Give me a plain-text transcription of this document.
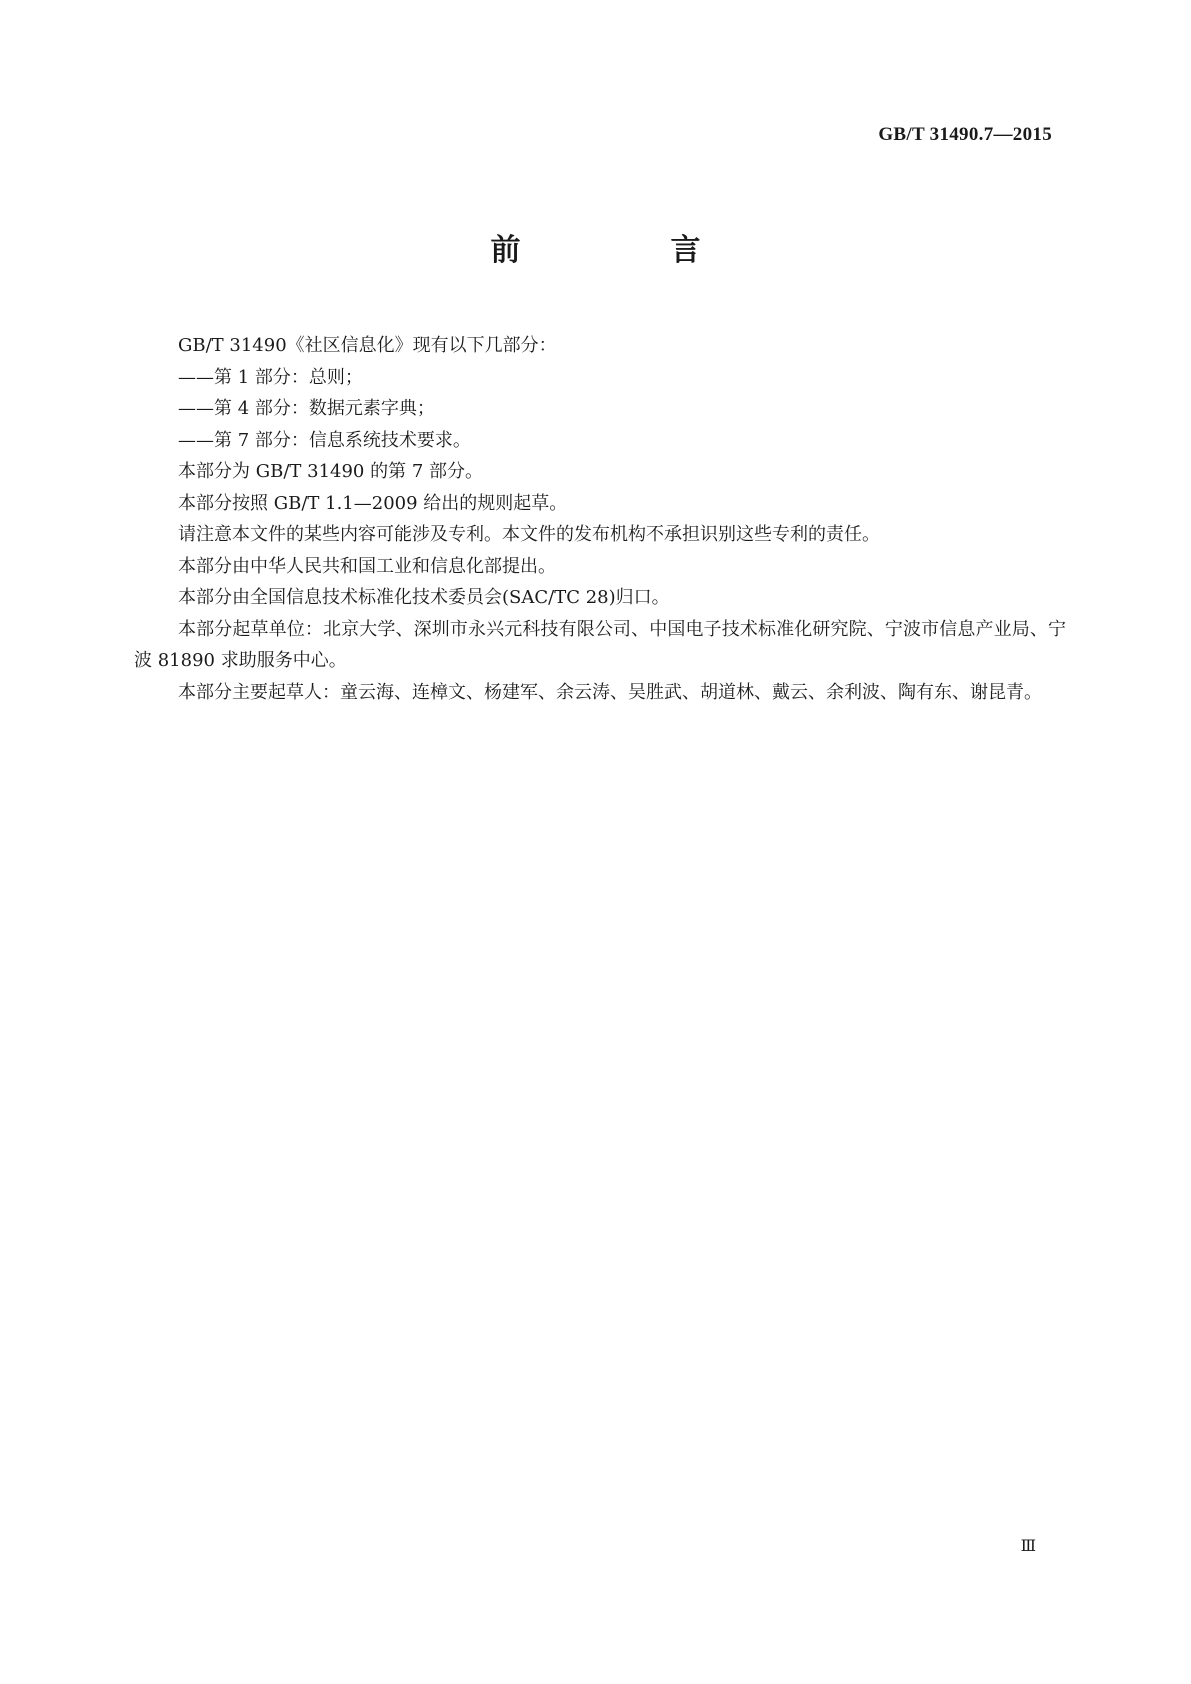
GB/T 31490.7—2015
前　言

GB/T 31490《社区信息化》现有以下几部分：

——第 1 部分：总则；

——第 4 部分：数据元素字典；

——第 7 部分：信息系统技术要求。

本部分为 GB/T 31490 的第 7 部分。

本部分按照 GB/T 1.1—2009 给出的规则起草。

请注意本文件的某些内容可能涉及专利。本文件的发布机构不承担识别这些专利的责任。

本部分由中华人民共和国工业和信息化部提出。

本部分由全国信息技术标准化技术委员会(SAC/TC 28)归口。

本部分起草单位：北京大学、深圳市永兴元科技有限公司、中国电子技术标准化研究院、宁波市信息产业局、宁波 81890 求助服务中心。

本部分主要起草人：童云海、连樟文、杨建军、余云涛、吴胜武、胡道林、戴云、余利波、陶有东、谢昆青。

Ⅲ
